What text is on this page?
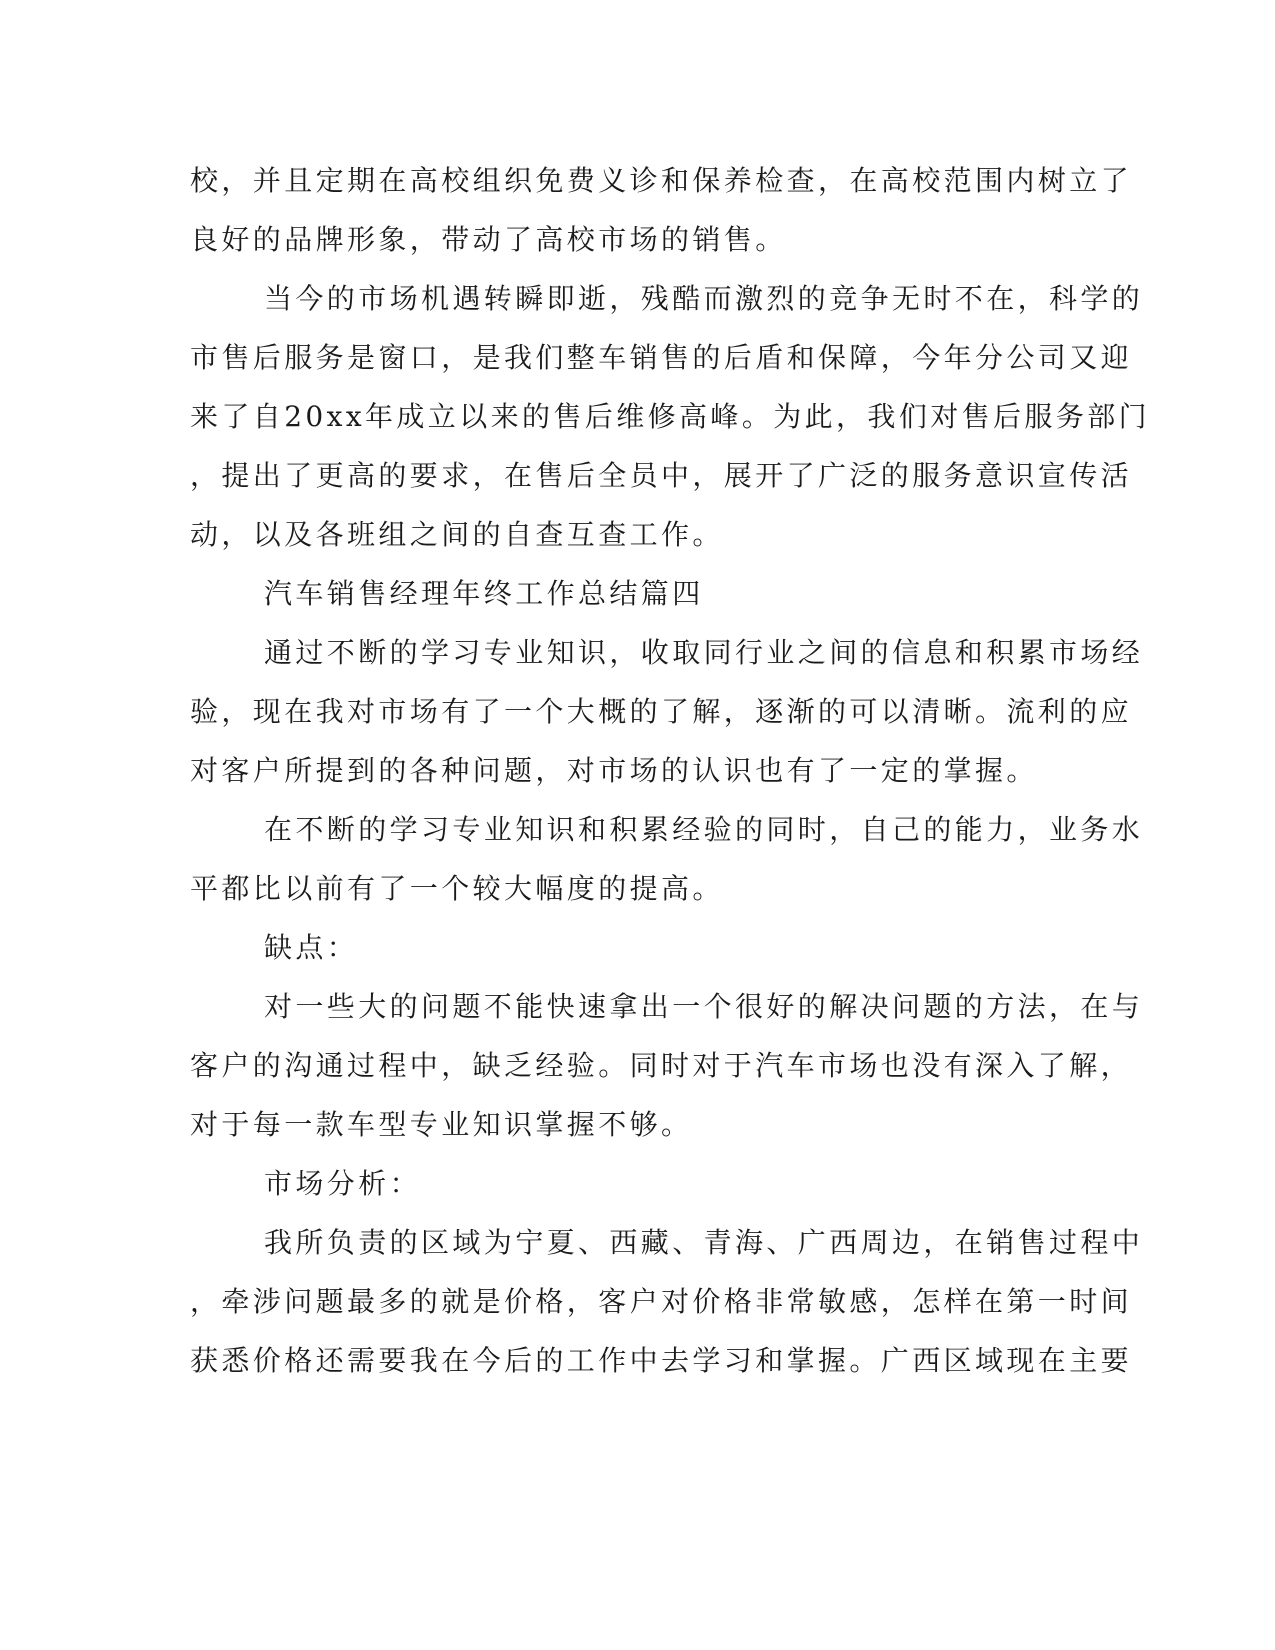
校，并且定期在高校组织免费义诊和保养检查，在高校范围内树立了
良好的品牌形象，带动了高校市场的销售。
当今的市场机遇转瞬即逝，残酷而激烈的竞争无时不在，科学的
市售后服务是窗口，是我们整车销售的后盾和保障，今年分公司又迎
来了自20xx年成立以来的售后维修高峰。为此，我们对售后服务部门
，提出了更高的要求，在售后全员中，展开了广泛的服务意识宣传活
动，以及各班组之间的自查互查工作。
汽车销售经理年终工作总结篇四
通过不断的学习专业知识，收取同行业之间的信息和积累市场经
验，现在我对市场有了一个大概的了解，逐渐的可以清晰。流利的应
对客户所提到的各种问题，对市场的认识也有了一定的掌握。
在不断的学习专业知识和积累经验的同时，自己的能力，业务水
平都比以前有了一个较大幅度的提高。
缺点：
对一些大的问题不能快速拿出一个很好的解决问题的方法，在与
客户的沟通过程中，缺乏经验。同时对于汽车市场也没有深入了解，
对于每一款车型专业知识掌握不够。
市场分析：
我所负责的区域为宁夏、西藏、青海、广西周边，在销售过程中
，牵涉问题最多的就是价格，客户对价格非常敏感，怎样在第一时间
获悉价格还需要我在今后的工作中去学习和掌握。广西区域现在主要
